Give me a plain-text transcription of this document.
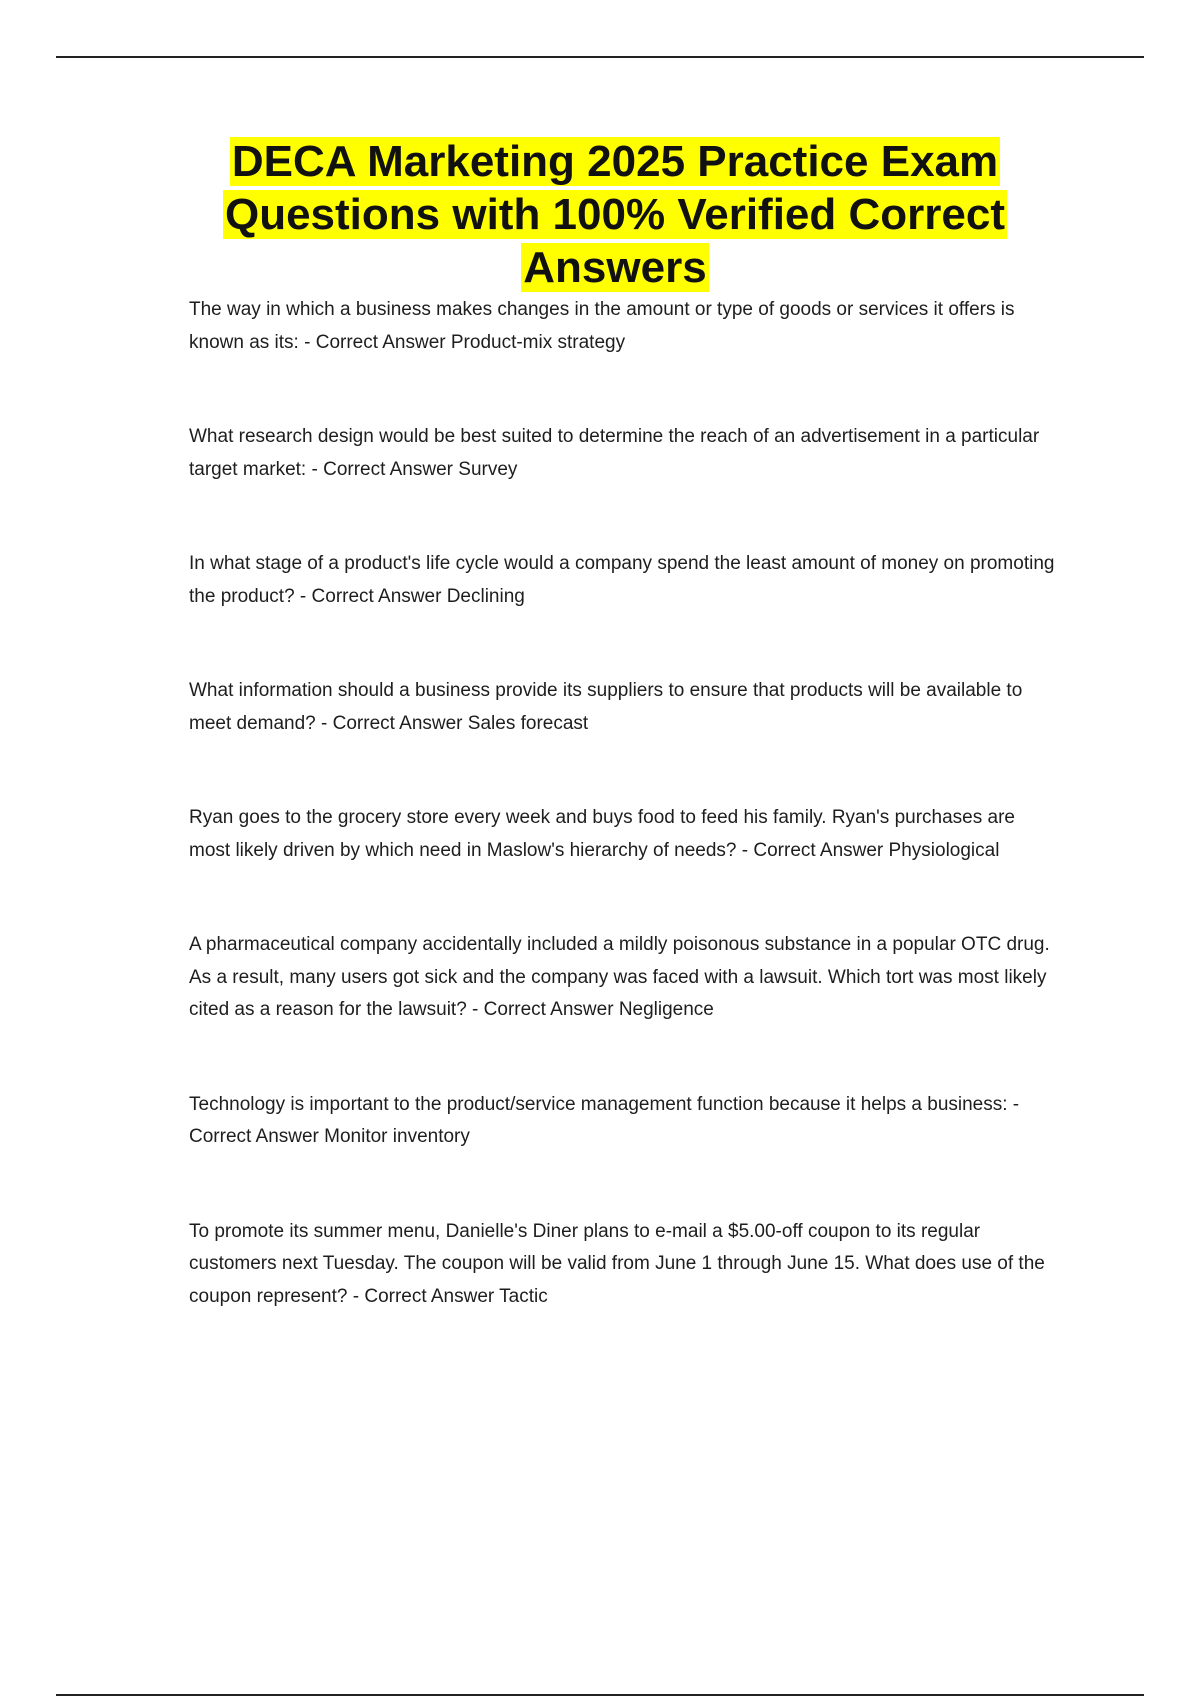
DECA Marketing 2025 Practice Exam Questions with 100% Verified Correct Answers
The way in which a business makes changes in the amount or type of goods or services it offers is known as its: - Correct Answer Product-mix strategy
What research design would be best suited to determine the reach of an advertisement in a particular target market: - Correct Answer Survey
In what stage of a product's life cycle would a company spend the least amount of money on promoting the product? - Correct Answer Declining
What information should a business provide its suppliers to ensure that products will be available to meet demand? - Correct Answer Sales forecast
Ryan goes to the grocery store every week and buys food to feed his family. Ryan's purchases are most likely driven by which need in Maslow's hierarchy of needs? - Correct Answer Physiological
A pharmaceutical company accidentally included a mildly poisonous substance in a popular OTC drug. As a result, many users got sick and the company was faced with a lawsuit. Which tort was most likely cited as a reason for the lawsuit? - Correct Answer Negligence
Technology is important to the product/service management function because it helps a business: - Correct Answer Monitor inventory
To promote its summer menu, Danielle's Diner plans to e-mail a $5.00-off coupon to its regular customers next Tuesday. The coupon will be valid from June 1 through June 15. What does use of the coupon represent? - Correct Answer Tactic
